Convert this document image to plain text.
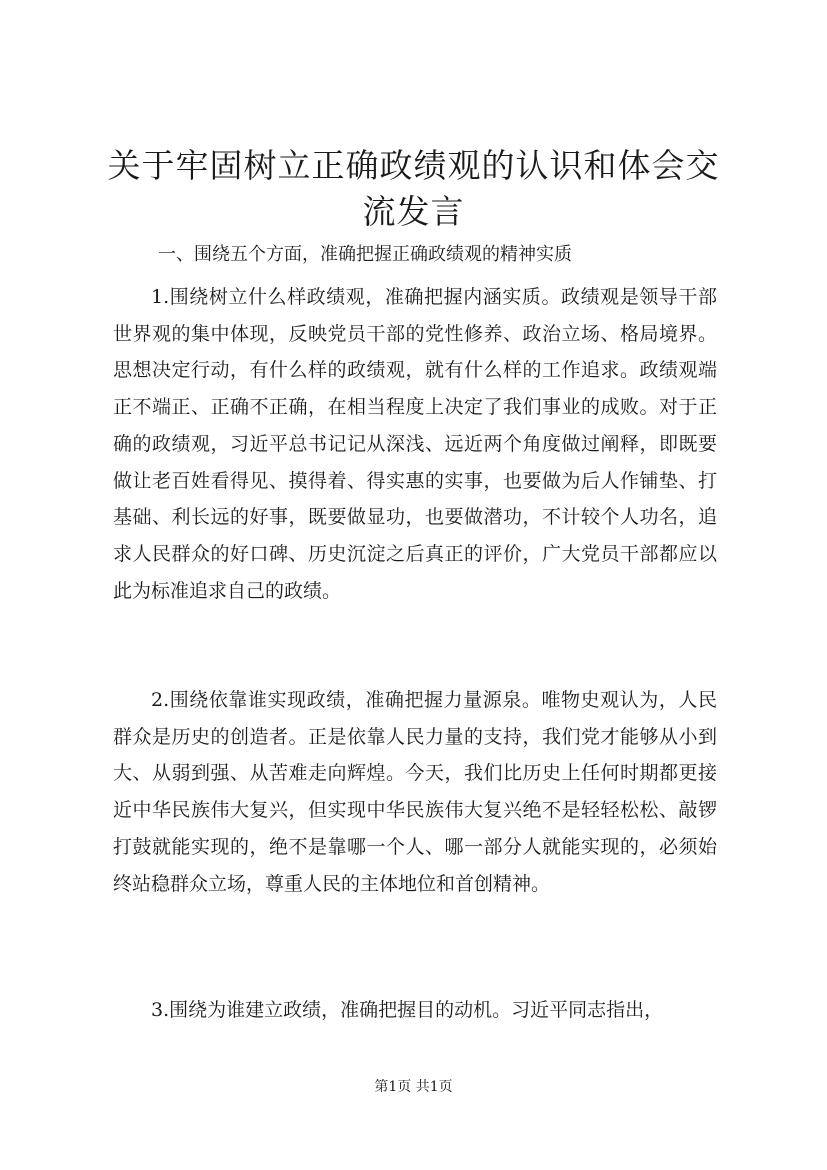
关于牢固树立正确政绩观的认识和体会交流发言

一、围绕五个方面，准确把握正确政绩观的精神实质

1.围绕树立什么样政绩观，准确把握内涵实质。政绩观是领导干部世界观的集中体现，反映党员干部的党性修养、政治立场、格局境界。思想决定行动，有什么样的政绩观，就有什么样的工作追求。政绩观端正不端正、正确不正确，在相当程度上决定了我们事业的成败。对于正确的政绩观，习近平总书记记从深浅、远近两个角度做过阐释，即既要做让老百姓看得见、摸得着、得实惠的实事，也要做为后人作铺垫、打基础、利长远的好事，既要做显功，也要做潜功，不计较个人功名，追求人民群众的好口碑、历史沉淀之后真正的评价，广大党员干部都应以此为标准追求自己的政绩。

2.围绕依靠谁实现政绩，准确把握力量源泉。唯物史观认为，人民群众是历史的创造者。正是依靠人民力量的支持，我们党才能够从小到大、从弱到强、从苦难走向辉煌。今天，我们比历史上任何时期都更接近中华民族伟大复兴，但实现中华民族伟大复兴绝不是轻轻松松、敲锣打鼓就能实现的，绝不是靠哪一个人、哪一部分人就能实现的，必须始终站稳群众立场，尊重人民的主体地位和首创精神。

3.围绕为谁建立政绩，准确把握目的动机。习近平同志指出，

第1页 共1页
